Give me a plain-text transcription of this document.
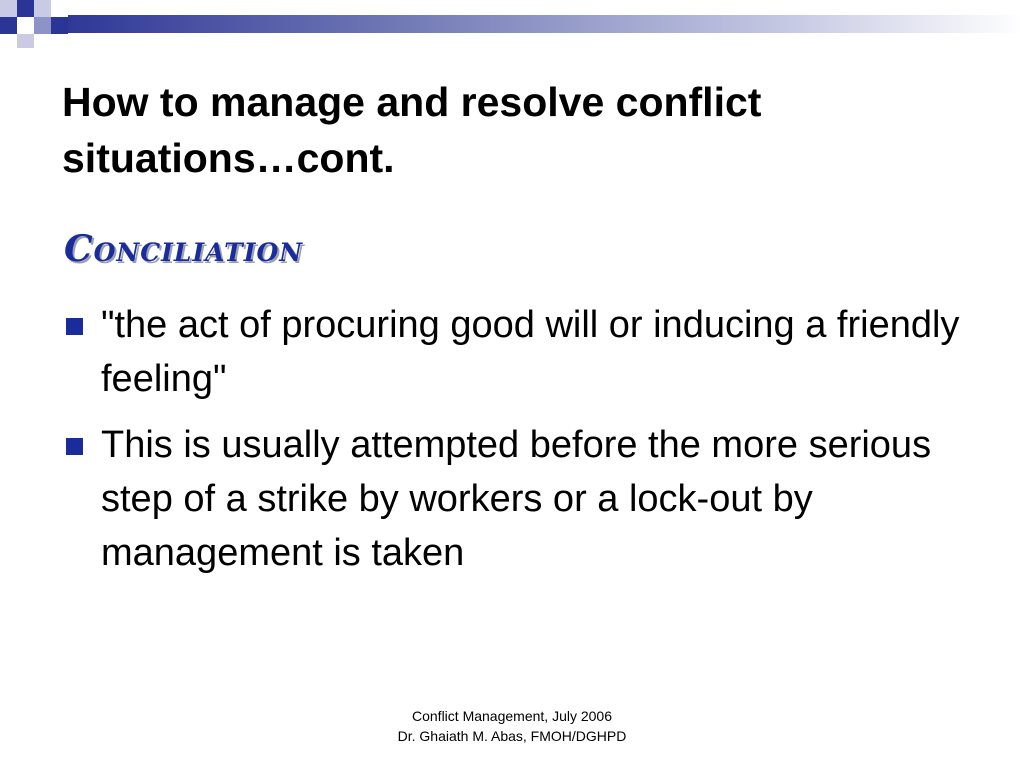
How to manage and resolve conflict
situations…cont.
Conciliation
"the act of procuring good will or inducing a friendly feeling"
This is usually attempted before the more serious step of a strike by workers or a lock-out by management is taken
Conflict Management, July 2006
Dr. Ghaiath M. Abas, FMOH/DGHPD
